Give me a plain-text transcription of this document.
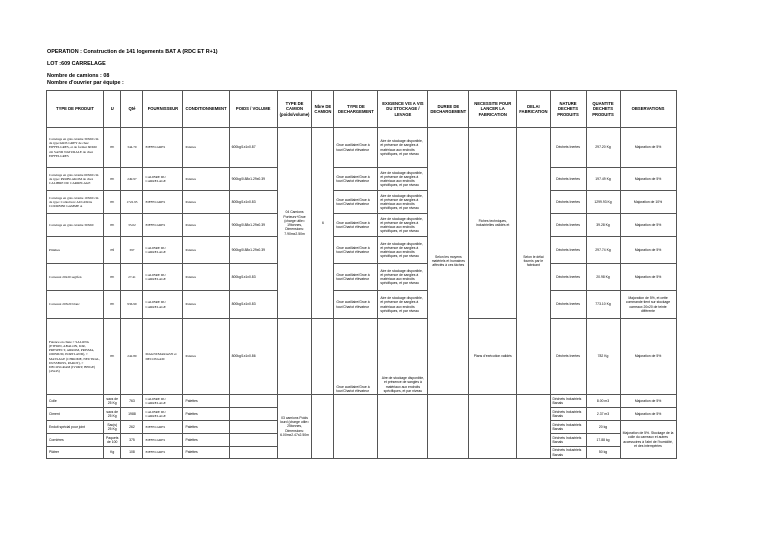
OPERATION : Construction de 141 logements BAT A (RDC ET R+1)
LOT :609 CARRELAGE
Nombre de camions : 08
Nombre d'ouvrier par équipe :
TYPE DE PRODUIT	U	Qté	FOURNISSEUR	CONDITIONNEMENT	POIDS / VOLUME	TYPE DE CAMION (poids/volume)	Nbre DE CAMION	TYPE DE DECHARGEMENT	EXIGENCE VIS A VIS DU STOCKAGE / LEVAGE	DUREE DE DECHARGEMENT	NECESSITE POUR LANCER LA FABRICATION	DELAI FABRICATION	NATURE DECHETS PRODUITS	QUANTITE DECHETS PRODUITS	OBSERVATIONS
Carrelage en grès cérame 30X60 cm de type:GRIS GREY de chez EIFFELGRES, et de format 60X60 cm SAND NATURALE de chez EIFFELGRES	m²	344.70	EIFFELGRES	Palettes	600kg/1x1x0.87	04 Camions Porteurs+Grue (charge utile= 19tonnes, Dimensions: 7.90mx2.50m	6	Grue auxiliaire/Grue à tour/Chariot élévateur	Aire de stockage disponible, et présence de sangles à matériaux aux endroits spécifiques, et par niveau	Selon les moyens matériels et humaines affectés à ces tâches	Fiches techniques, industrielles validés et	Selon le délai fournis par le fabricant	Déchets Inertes	297.20 Kg	Majoration de 5%
Carrelage en grès cérame 60X60 cm de type: PROBLAKOM de chez CALIBRE DU CARRELAGE	m²	249.97	CALIBRE DU CARRELAGE	Palettes	900kg/0.88x1.29x0.39			Grue auxiliaire/Grue à tour/Chariot élévateur	Aire de stockage disponible, et présence de sangles à matériaux aux endroits spécifiques, et par niveau				Déchets Inertes	197.49 Kg	Majoration de 5%
Carrelage en grès cérame 10X60 cm de type: Collection: AUGURIA COURBINI GAMME A	m²	1722.95	EIFFELGRES	Palettes	800kg/1x1x0.83			Grue auxiliaire/Grue à tour/Chariot élévateur	Aire de stockage disponible, et présence de sangles à matériaux aux endroits spécifiques, et par niveau				Déchets Inertes	1299.93 Kg	Majoration de 10%
Carrelage en grès cérame 30X60	m²	35.02	EIFFELGRES	Palettes	900kg/0.88x1.29x0.39			Grue auxiliaire/Grue à tour/Chariot élévateur	Aire de stockage disponible, et présence de sangles à matériaux aux endroits spécifiques, et par niveau				Déchets Inertes	39.28 Kg	Majoration de 5%
Plinthes	ml	397	CALIBRE DU CARRELAGE	Palettes	900kg/0.88x1.29x0.39			Grue auxiliaire/Grue à tour/Chariot élévateur	Aire de stockage disponible, et présence de sangles à matériaux aux endroits spécifiques, et par niveau				Déchets Inertes	297.74 Kg	Majoration de 5%
Carreaux 20x20 seglfen	m²	27.41	CALIBRE DU CARRELAGE	Palettes	800kg/1x1x0.83			Grue auxiliaire/Grue à tour/Chariot élévateur	Aire de stockage disponible, et présence de sangles à matériaux aux endroits spécifiques, et par niveau				Déchets Inertes	20.98 Kg	Majoration de 5%
Carreaux 20X20 blanc	m²	936.99	CALIBRE DU CARRELAGE	Palettes	800kg/1x1x0.83			Grue auxiliaire/Grue à tour/Chariot élévateur	Aire de stockage disponible, et présence de sangles à matériaux aux endroits spécifiques, et par niveau				Déchets Inertes	773.10 Kg	Majoration de 5%, et cette commande tient sur stockage carreaux 20x20 de teinte différente
Faïence en chute > SALONG (ETHON, ABALON, IOR, PRESPECT, ARROM, PRISMA, OMNIUM, PORTLAND), > MASSAGE (CHROME, NEUTRAL, DUSSBOSS, PAROT), > DECOSGRAM (IVORY, BEIGE) (45x45)	m²	242.80	MAGNI/MARAZZI et DECOSGAM	Palettes	800kg/1x1x0.86			Grue auxiliaire/Grue à tour/Chariot élévateur	Aire de stockage disponible, et présence de sangles à matériaux aux endroits spécifiques, et par niveau		Plans d'exécution validés		Déchets Inertes	782 Kg	Majoration de 5%
Colle	sacs de 25 Kg	763	CALIBRE DU CARRELAGE	Palettes		03 camions Poids lourd (charge utile= 25tonnes, Dimensions: 6.00mx2.47x2.50m							Déchets Industriels Banals	8.00 m3	Majoration de 5%
Ciment	sacs de 25 Kg	1988	CALIBRE DU CARRELAGE	Palettes									Déchets Industriels Banals	2.37 m3	Majoration de 5%
Enduit spécial pour joint	Sac(s) 25 Kg	262	EIFFELGRES	Palettes									Déchets Industriels Banals	20 kg	Majoration de 5%. Stockage de la colle du carreaux et autres accessoires à l'abri de l'humidité, et des intempéries
Cornières	Paquets de 100	375	EIFFELGRES	Palettes									Déchets Industriels Banals	17.88 kg	
Plâtrer	Kg	108	EIFFELGRES	Palettes									Déchets Industriels Banals	50 kg	
